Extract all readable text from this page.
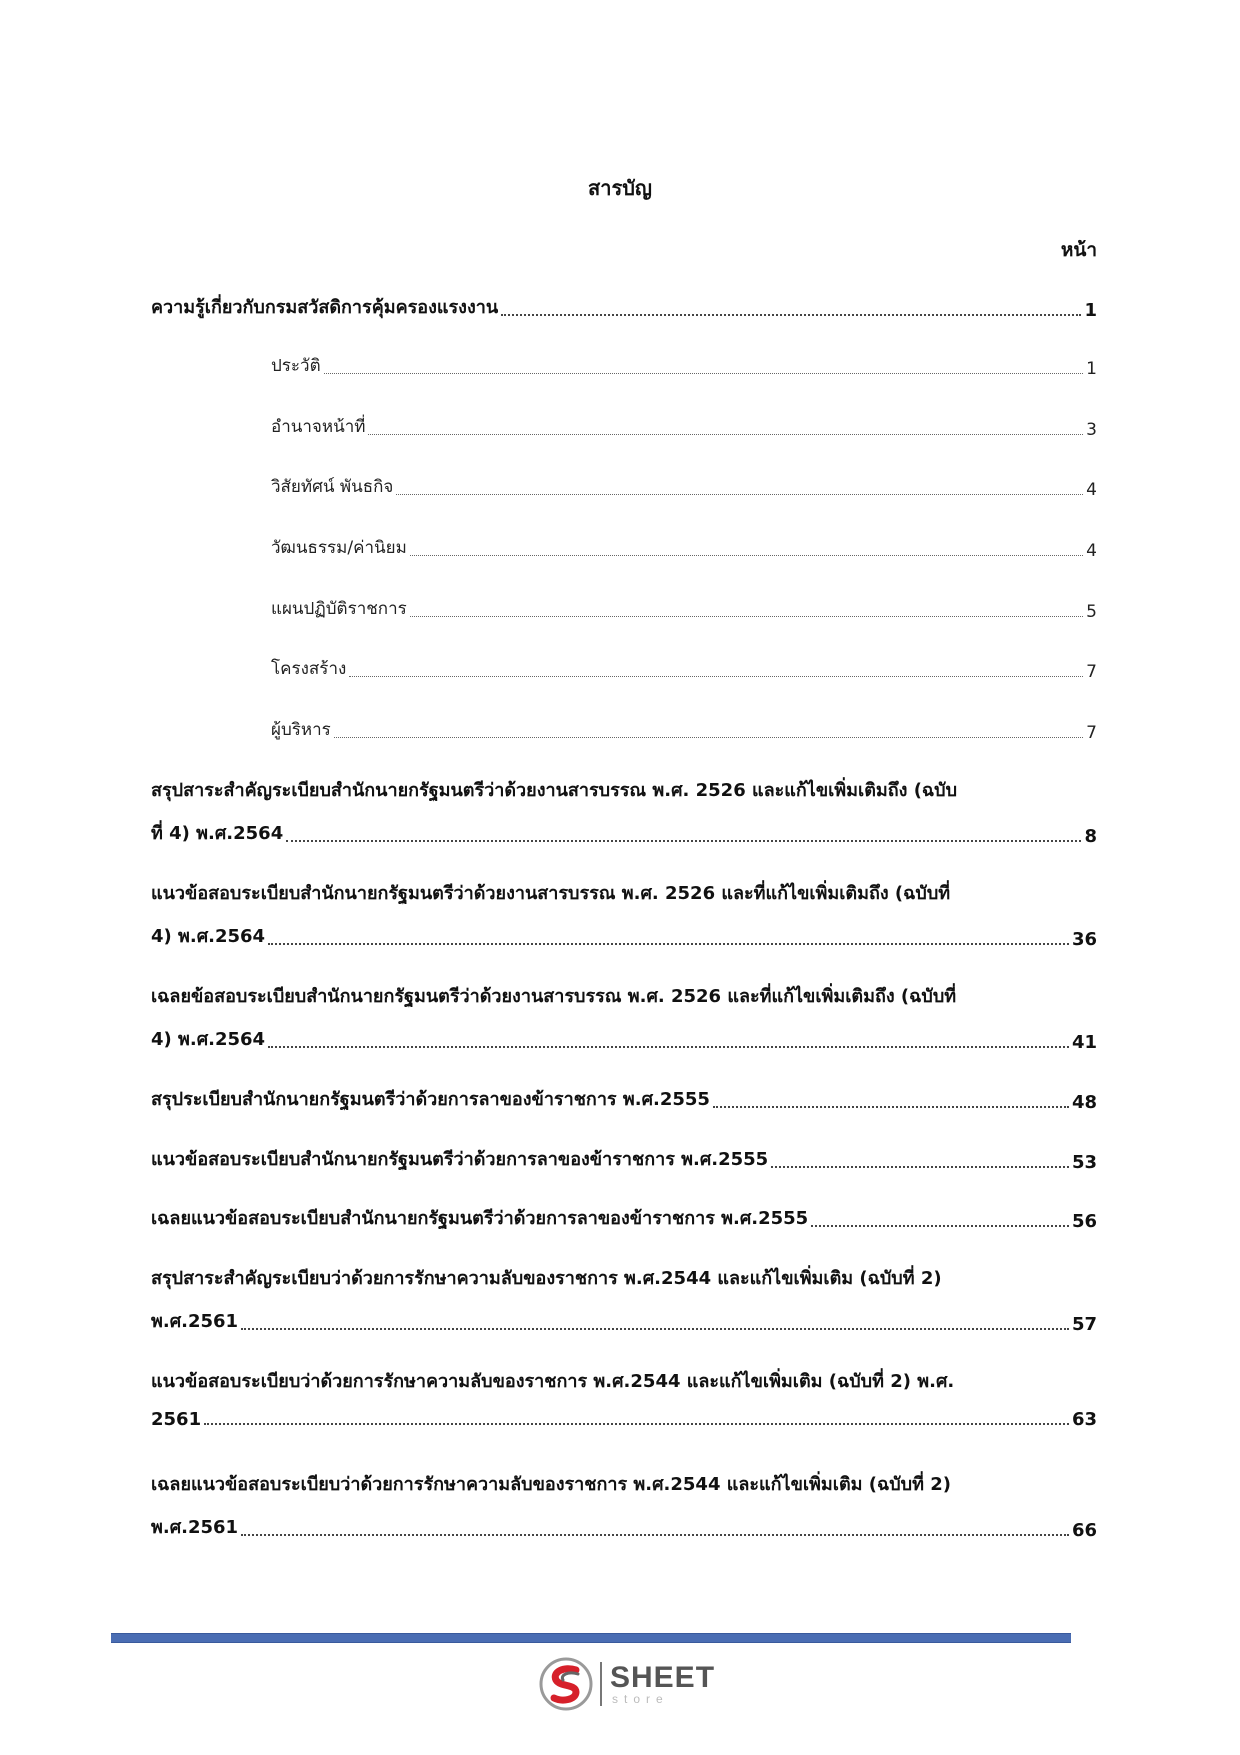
สารบัญ
หน้า
ความรู้เกี่ยวกับกรมสวัสดิการคุ้มครองแรงงาน	1
ประวัติ	1
อำนาจหน้าที่	3
วิสัยทัศน์ พันธกิจ	4
วัฒนธรรม/ค่านิยม	4
แผนปฏิบัติราชการ	5
โครงสร้าง	7
ผู้บริหาร	7
สรุปสาระสำคัญระเบียบสำนักนายกรัฐมนตรีว่าด้วยงานสารบรรณ พ.ศ. 2526 และแก้ไขเพิ่มเติมถึง (ฉบับ
ที่ 4) พ.ศ.2564	8
แนวข้อสอบระเบียบสำนักนายกรัฐมนตรีว่าด้วยงานสารบรรณ พ.ศ. 2526 และที่แก้ไขเพิ่มเติมถึง (ฉบับที่
4) พ.ศ.2564	36
เฉลยข้อสอบระเบียบสำนักนายกรัฐมนตรีว่าด้วยงานสารบรรณ พ.ศ. 2526 และที่แก้ไขเพิ่มเติมถึง (ฉบับที่
4) พ.ศ.2564	41
สรุประเบียบสำนักนายกรัฐมนตรีว่าด้วยการลาของข้าราชการ พ.ศ.2555	48
แนวข้อสอบระเบียบสำนักนายกรัฐมนตรีว่าด้วยการลาของข้าราชการ พ.ศ.2555	53
เฉลยแนวข้อสอบระเบียบสำนักนายกรัฐมนตรีว่าด้วยการลาของข้าราชการ พ.ศ.2555	56
สรุปสาระสำคัญระเบียบว่าด้วยการรักษาความลับของราชการ พ.ศ.2544 และแก้ไขเพิ่มเติม (ฉบับที่ 2)
พ.ศ.2561	57
แนวข้อสอบระเบียบว่าด้วยการรักษาความลับของราชการ พ.ศ.2544 และแก้ไขเพิ่มเติม (ฉบับที่ 2) พ.ศ.
2561	63
เฉลยแนวข้อสอบระเบียบว่าด้วยการรักษาความลับของราชการ พ.ศ.2544 และแก้ไขเพิ่มเติม (ฉบับที่ 2)
พ.ศ.2561	66
SHEET
store
